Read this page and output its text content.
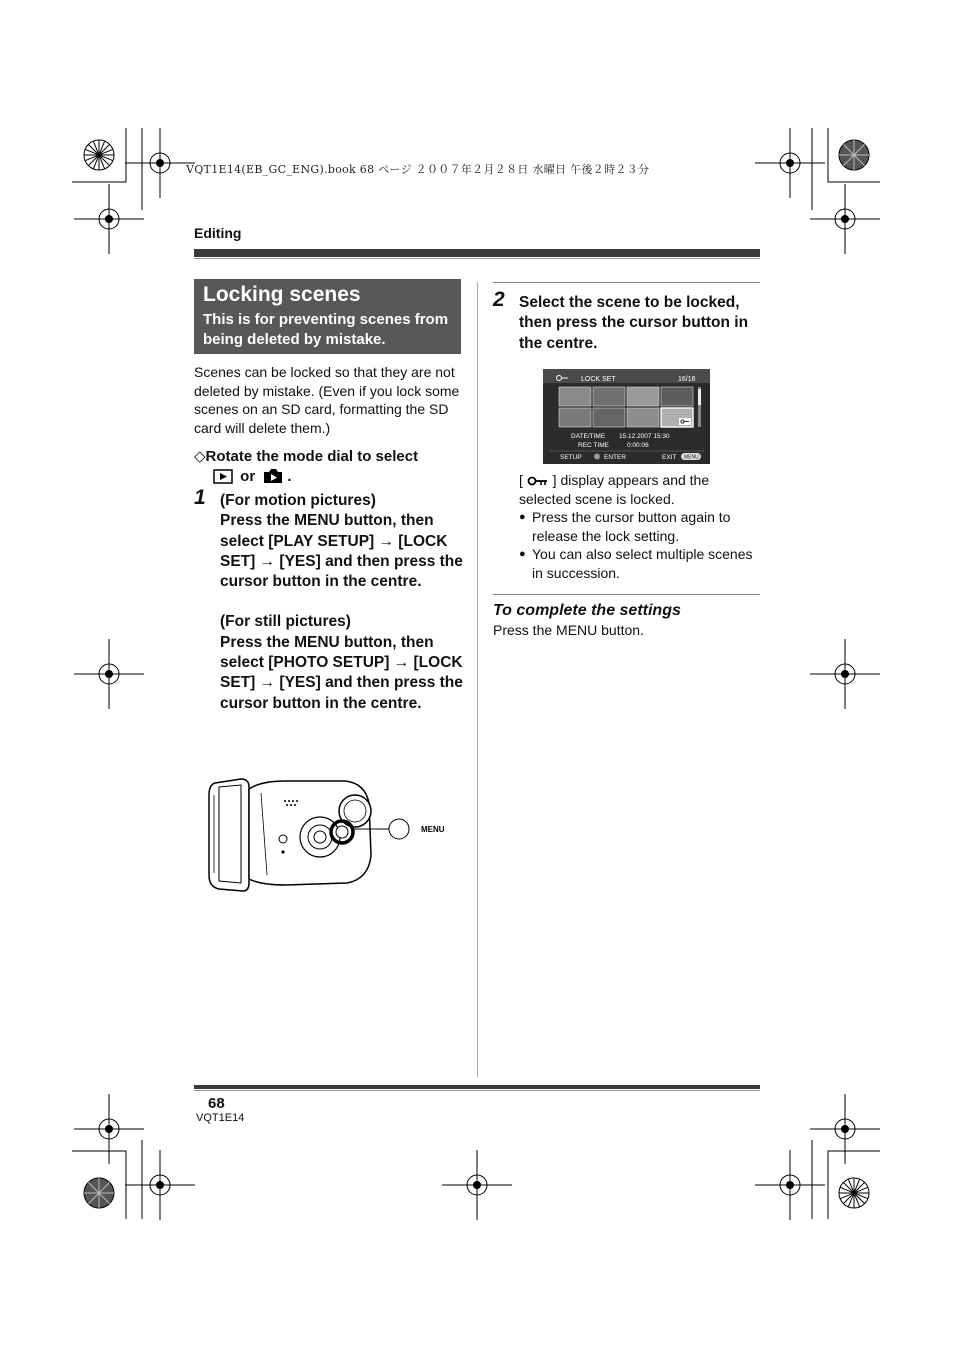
VQT1E14(EB_GC_ENG).book 68 ページ ２００７年２月２８日 水曜日 午後２時２３分
Editing
Locking scenes
This is for preventing scenes from being deleted by mistake.
Scenes can be locked so that they are not deleted by mistake. (Even if you lock some scenes on an SD card, formatting the SD card will delete them.)
◇Rotate the mode dial to select
or .
1 (For motion pictures)

Press the MENU button, then select [PLAY SETUP] → [LOCK SET] → [YES] and then press the cursor button in the centre.

(For still pictures)

Press the MENU button, then select [PHOTO SETUP] → [LOCK SET] → [YES] and then press the cursor button in the centre.

MENU
2 Select the scene to be locked, then press the cursor button in the centre.
LOCK SET	16/16
DATE/TIME 15.12.2007 15:30
REC TIME	0:00:06
SETUP	ENTER	EXIT MENU
[ ] display appears and the selected scene is locked.
● Press the cursor button again to release the lock setting.
● You can also select multiple scenes in succession.
To complete the settings
Press the MENU button.
68
VQT1E14
